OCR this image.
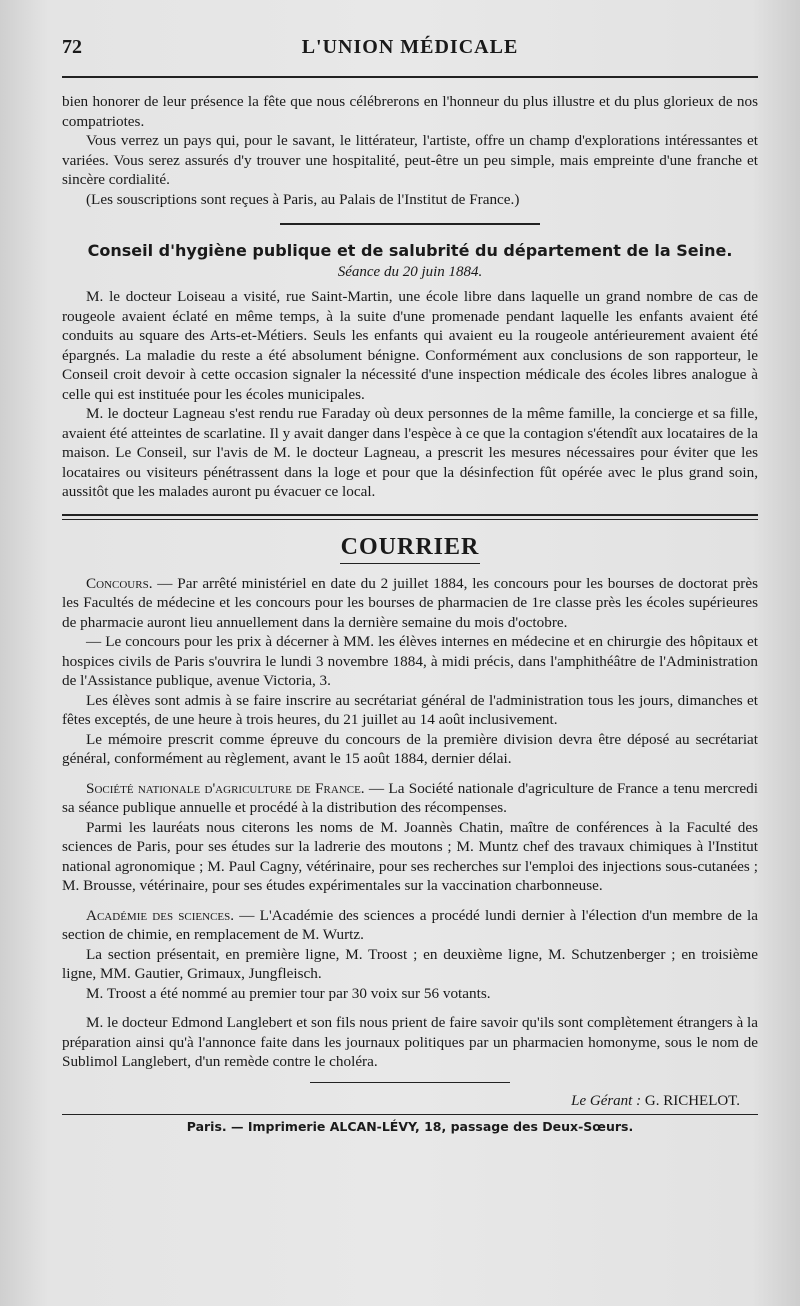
72	L'UNION MÉDICALE

bien honorer de leur présence la fête que nous célébrerons en l'honneur du plus illustre et du plus glorieux de nos compatriotes.

Vous verrez un pays qui, pour le savant, le littérateur, l'artiste, offre un champ d'explorations intéressantes et variées. Vous serez assurés d'y trouver une hospitalité, peut-être un peu simple, mais empreinte d'une franche et sincère cordialité.

(Les souscriptions sont reçues à Paris, au Palais de l'Institut de France.)

Conseil d'hygiène publique et de salubrité du département de la Seine.
Séance du 20 juin 1884.

M. le docteur Loiseau a visité, rue Saint-Martin, une école libre dans laquelle un grand nombre de cas de rougeole avaient éclaté en même temps, à la suite d'une promenade pendant laquelle les enfants avaient été conduits au square des Arts-et-Métiers. Seuls les enfants qui avaient eu la rougeole antérieurement avaient été épargnés. La maladie du reste a été absolument bénigne. Conformément aux conclusions de son rapporteur, le Conseil croit devoir à cette occasion signaler la nécessité d'une inspection médicale des écoles libres analogue à celle qui est instituée pour les écoles municipales.

M. le docteur Lagneau s'est rendu rue Faraday où deux personnes de la même famille, la concierge et sa fille, avaient été atteintes de scarlatine. Il y avait danger dans l'espèce à ce que la contagion s'étendît aux locataires de la maison. Le Conseil, sur l'avis de M. le docteur Lagneau, a prescrit les mesures nécessaires pour éviter que les locataires ou visiteurs pénétrassent dans la loge et pour que la désinfection fût opérée avec le plus grand soin, aussitôt que les malades auront pu évacuer ce local.

COURRIER

Concours. — Par arrêté ministériel en date du 2 juillet 1884, les concours pour les bourses de doctorat près les Facultés de médecine et les concours pour les bourses de pharmacien de 1re classe près les écoles supérieures de pharmacie auront lieu annuellement dans la dernière semaine du mois d'octobre.

— Le concours pour les prix à décerner à MM. les élèves internes en médecine et en chirurgie des hôpitaux et hospices civils de Paris s'ouvrira le lundi 3 novembre 1884, à midi précis, dans l'amphithéâtre de l'Administration de l'Assistance publique, avenue Victoria, 3.

Les élèves sont admis à se faire inscrire au secrétariat général de l'administration tous les jours, dimanches et fêtes exceptés, de une heure à trois heures, du 21 juillet au 14 août inclusivement.

Le mémoire prescrit comme épreuve du concours de la première division devra être déposé au secrétariat général, conformément au règlement, avant le 15 août 1884, dernier délai.

Société nationale d'agriculture de France. — La Société nationale d'agriculture de France a tenu mercredi sa séance publique annuelle et procédé à la distribution des récompenses.

Parmi les lauréats nous citerons les noms de M. Joannès Chatin, maître de conférences à la Faculté des sciences de Paris, pour ses études sur la ladrerie des moutons ; M. Muntz chef des travaux chimiques à l'Institut national agronomique ; M. Paul Cagny, vétérinaire, pour ses recherches sur l'emploi des injections sous-cutanées ; M. Brousse, vétérinaire, pour ses études expérimentales sur la vaccination charbonneuse.

Académie des sciences. — L'Académie des sciences a procédé lundi dernier à l'élection d'un membre de la section de chimie, en remplacement de M. Wurtz.

La section présentait, en première ligne, M. Troost ; en deuxième ligne, M. Schutzenberger ; en troisième ligne, MM. Gautier, Grimaux, Jungfleisch.

M. Troost a été nommé au premier tour par 30 voix sur 56 votants.

M. le docteur Edmond Langlebert et son fils nous prient de faire savoir qu'ils sont complètement étrangers à la préparation ainsi qu'à l'annonce faite dans les journaux politiques par un pharmacien homonyme, sous le nom de Sublimol Langlebert, d'un remède contre le choléra.

Le Gérant : G. RICHELOT.
Paris. — Imprimerie ALCAN-LÉVY, 18, passage des Deux-Sœurs.
